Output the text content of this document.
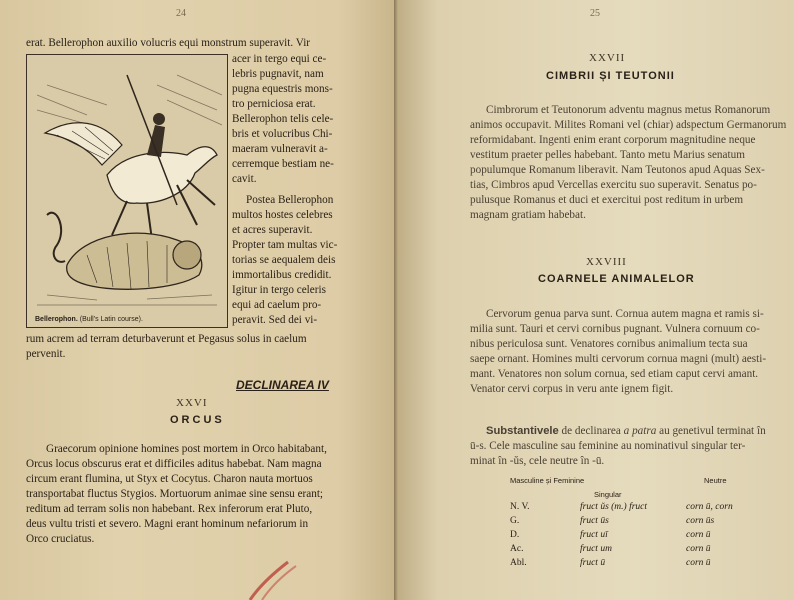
24
erat. Bellerophon auxilio volucris equi monstrum superavit. Vir
Bellerophon. (Bull's Latin course).
acer in tergo equi ce-
lebris pugnavit, nam
pugna equestris mons-
tro perniciosa erat.
Bellerophon telis cele-
bris et volucribus Chi-
maeram vulneravit a-
cerremque bestiam ne-
cavit.
Postea Bellerophon
multos hostes celebres
et acres superavit.
Propter tam multas vic-
torias se aequalem deis
immortalibus credidit.
Igitur in tergo celeris
equi ad caelum pro-
peravit. Sed dei vi-
rum acrem ad terram deturbaverunt et Pegasus solus in caelum
pervenit.
DECLINAREA IV
XXVI
ORCUS
Graecorum opinione homines post mortem in Orco habitabant,
Orcus locus obscurus erat et difficiles aditus habebat. Nam magna
circum erant flumina, ut Styx et Cocytus. Charon nauta mortuos
transportabat fluctus Stygios. Mortuorum animae sine sensu erant;
reditum ad terram solis non habebant. Rex inferorum erat Pluto,
deus vultu tristi et severo. Magni erant hominum nefariorum in
Orco cruciatus.
25
XXVII
CIMBRII ȘI TEUTONII
Cimbrorum et Teutonorum adventu magnus metus Romanorum
animos occupavit. Milites Romani vel (chiar) adspectum Germanorum
reformidabant. Ingenti enim erant corporum magnitudine neque
vestitum praeter pelles habebant. Tanto metu Marius senatum
populumque Romanum liberavit. Nam Teutonos apud Aquas Sex-
tias, Cimbros apud Vercellas exercitu suo superavit. Senatus po-
pulusque Romanus et duci et exercitui post reditum in urbem
magnam gratiam habebat.
XXVIII
COARNELE ANIMALELOR
Cervorum genua parva sunt. Cornua autem magna et ramis si-
milia sunt. Tauri et cervi cornibus pugnant. Vulnera cornuum co-
nibus periculosa sunt. Venatores cornibus animalium tecta sua
saepe ornant. Homines multi cervorum cornua magni (mult) aesti-
mant. Venatores non solum cornua, sed etiam caput cervi amant.
Venator cervi corpus in veru ante ignem figit.
Substantivele de declinarea a patra au genetivul terminat în
ū-s. Cele masculine sau feminine au nominativul singular ter-
minat în -ŭs, cele neutre în -ū.
Masculine și Feminine	Neutre
Singular
N. V.	fruct ŭs (m.) fruct	corn ū, corn
G.	fruct ūs	corn ūs
D.	fruct uī	corn ū
Ac.	fruct um	corn ū
Abl.	fruct ū	corn ū
